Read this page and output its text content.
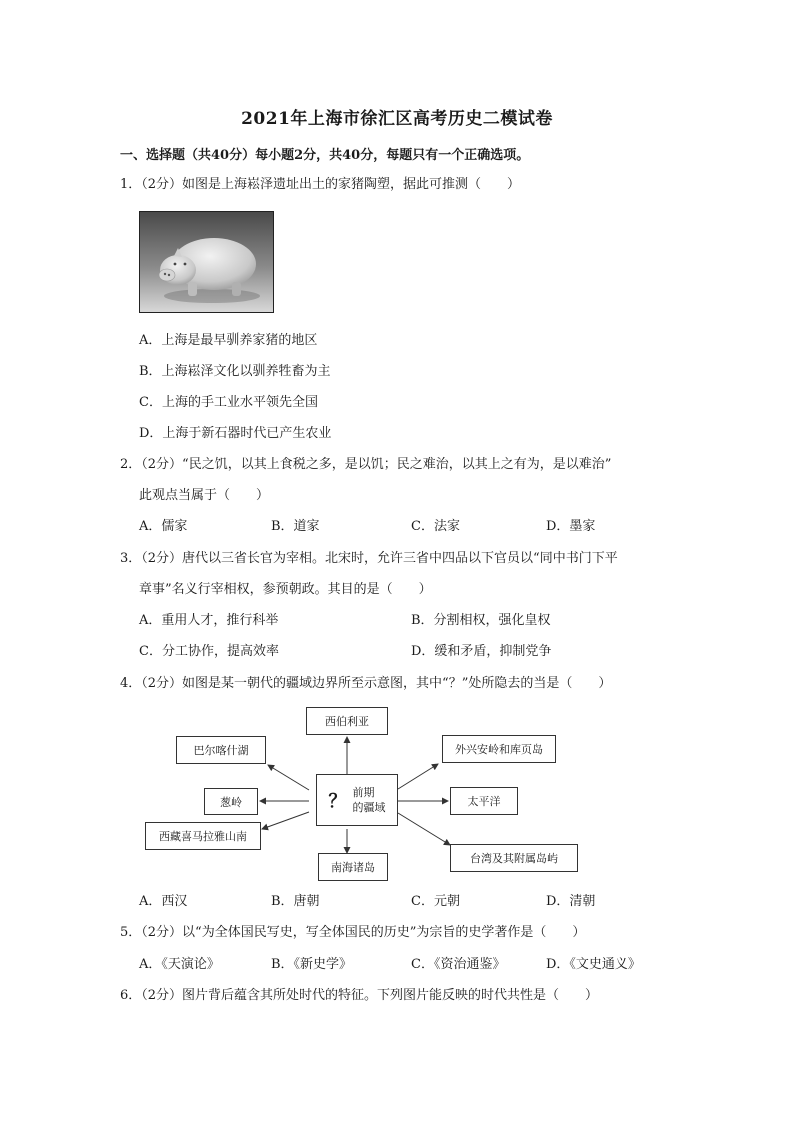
2021年上海市徐汇区高考历史二模试卷
一、选择题（共40分）每小题2分，共40分，每题只有一个正确选项。
1．（2分）如图是上海崧泽遗址出土的家猪陶塑，据此可推测（　　）
A．上海是最早驯养家猪的地区
B．上海崧泽文化以驯养牲畜为主
C．上海的手工业水平领先全国
D．上海于新石器时代已产生农业
2．（2分）“民之饥，以其上食税之多，是以饥；民之难治，以其上之有为，是以难治”
此观点当属于（　　）
A．儒家	B．道家	C．法家	D．墨家
3．（2分）唐代以三省长官为宰相。北宋时，允许三省中四品以下官员以“同中书门下平
章事”名义行宰相权，参预朝政。其目的是（　　）
A．重用人才，推行科举	B．分割相权，强化皇权
C．分工协作，提高效率	D．缓和矛盾，抑制党争
4．（2分）如图是某一朝代的疆域边界所至示意图，其中“？”处所隐去的当是（　　）
西伯利亚
巴尔喀什湖
葱岭
西藏喜马拉雅山南
？ 前期
的疆域
南海诸岛
外兴安岭和库页岛
太平洋
台湾及其附属岛屿
A．西汉	B．唐朝	C．元朝	D．清朝
5．（2分）以“为全体国民写史，写全体国民的历史”为宗旨的史学著作是（　　）
A．《天演论》	B．《新史学》	C．《资治通鉴》	D．《文史通义》
6．（2分）图片背后蕴含其所处时代的特征。下列图片能反映的时代共性是（　　）
